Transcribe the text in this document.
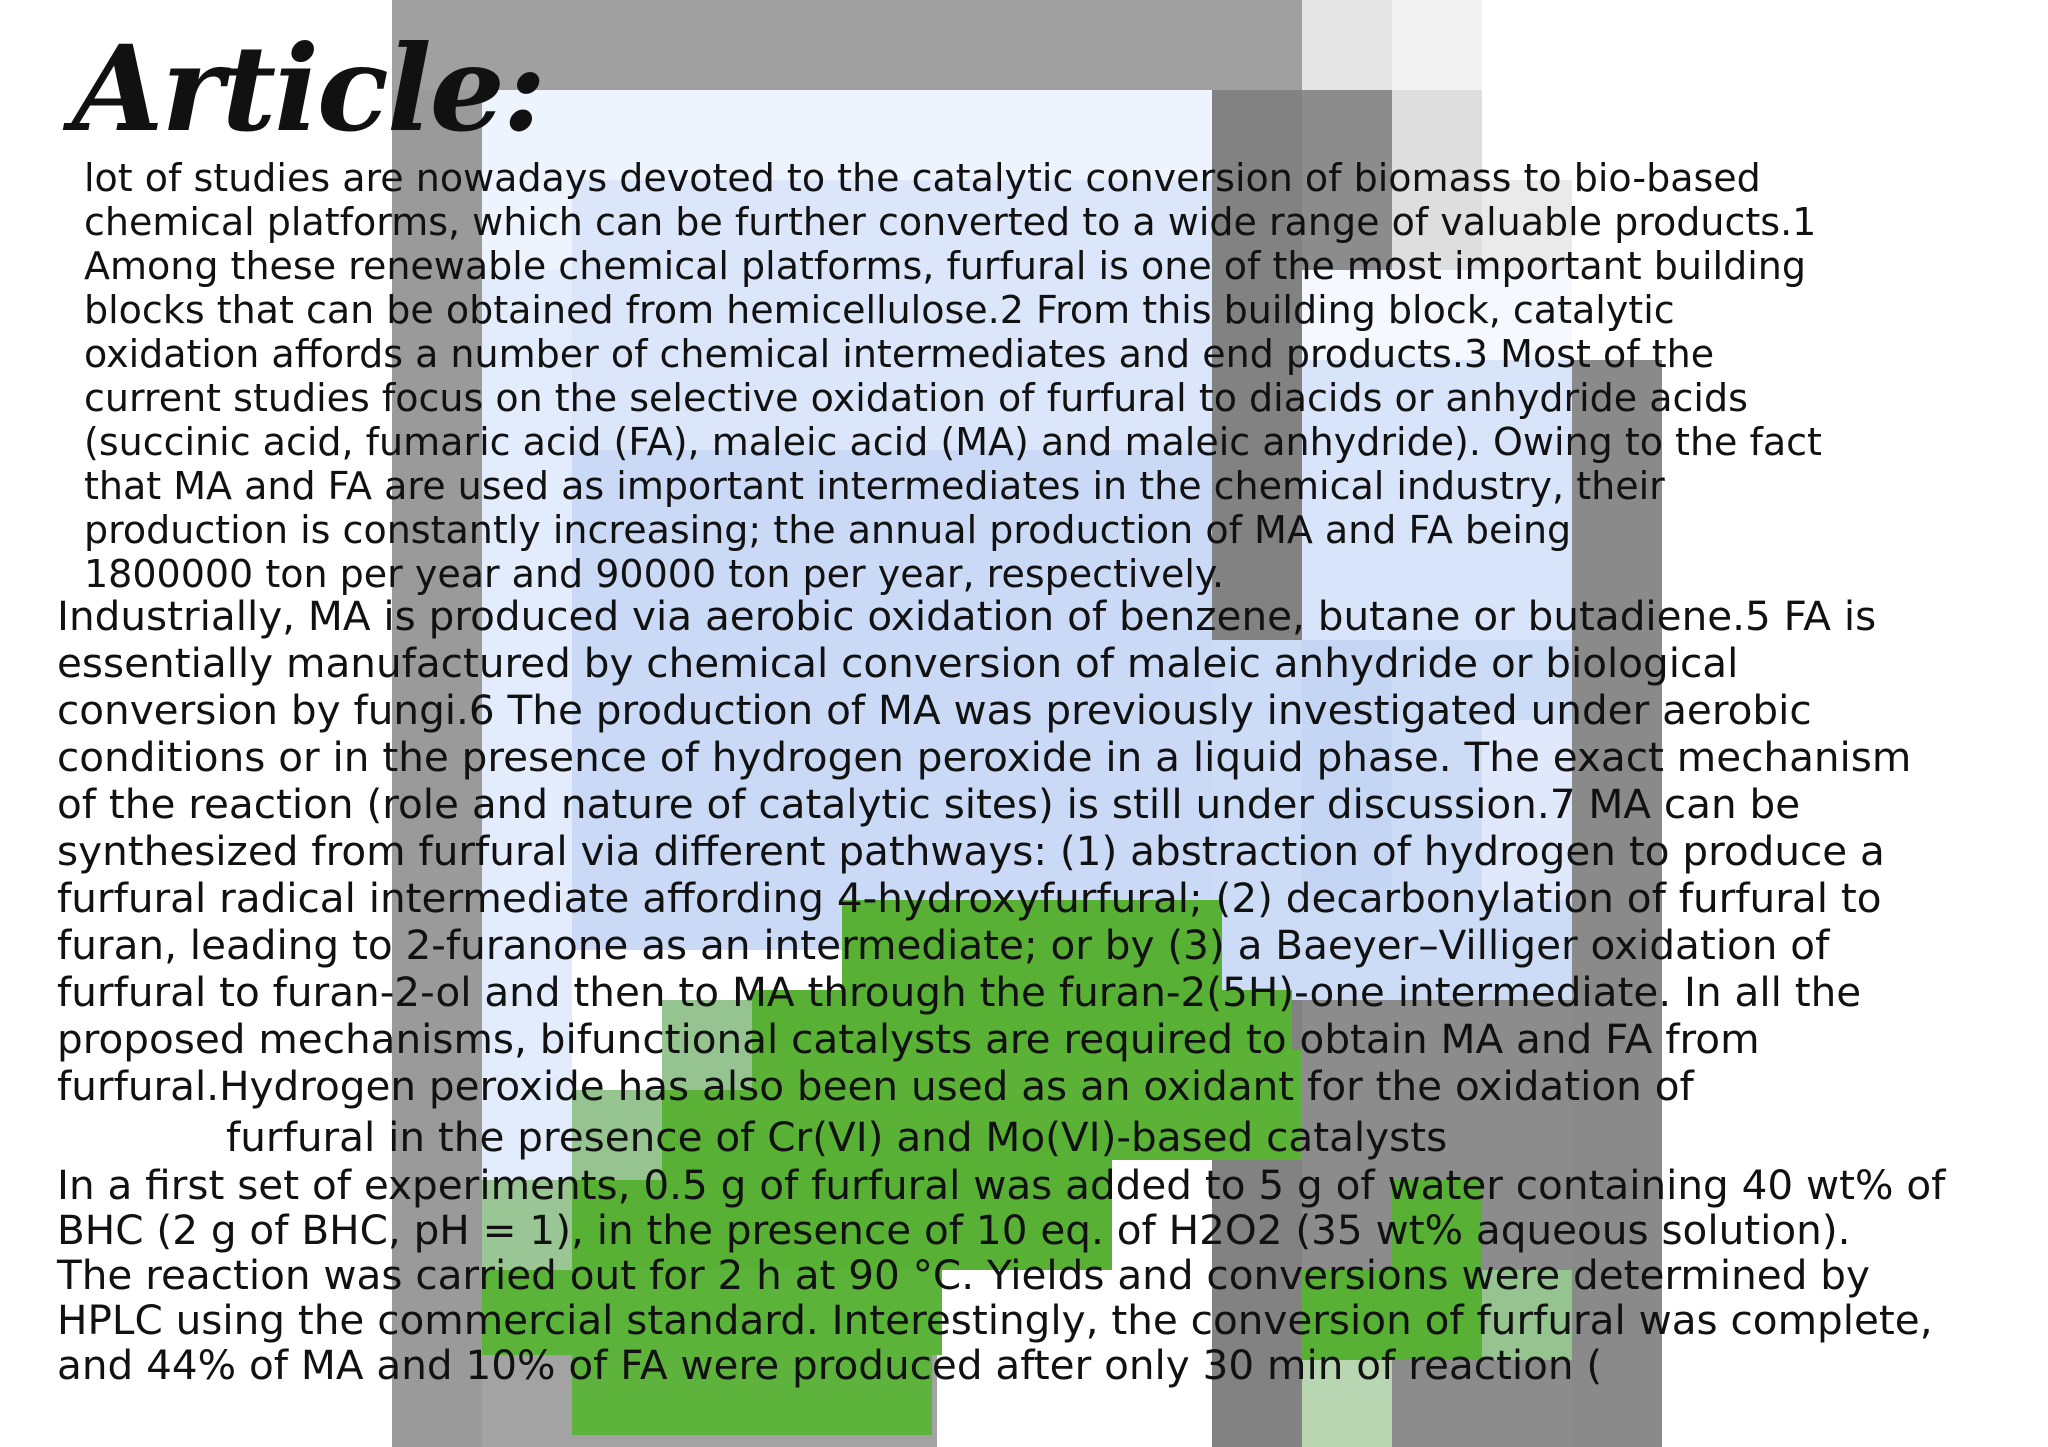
Article:

lot of studies are nowadays devoted to the catalytic conversion of biomass to bio-based
chemical platforms, which can be further converted to a wide range of valuable products.1
Among these renewable chemical platforms, furfural is one of the most important building
blocks that can be obtained from hemicellulose.2 From this building block, catalytic
oxidation affords a number of chemical intermediates and end products.3 Most of the
current studies focus on the selective oxidation of furfural to diacids or anhydride acids
(succinic acid, fumaric acid (FA), maleic acid (MA) and maleic anhydride). Owing to the fact
that MA and FA are used as important intermediates in the chemical industry, their
production is constantly increasing; the annual production of MA and FA being
1￼800￼000 ton per year and 90￼000 ton per year, respectively.

Industrially, MA is produced via aerobic oxidation of benzene, butane or butadiene.5 FA is
essentially manufactured by chemical conversion of maleic anhydride or biological
conversion by fungi.6 The production of MA was previously investigated under aerobic
conditions or in the presence of hydrogen peroxide in a liquid phase. The exact mechanism
of the reaction (role and nature of catalytic sites) is still under discussion.7 MA can be
synthesized from furfural via different pathways: (1) abstraction of hydrogen to produce a
furfural radical intermediate affording 4-hydroxyfurfural; (2) decarbonylation of furfural to
furan, leading to 2-furanone as an intermediate; or by (3) a Baeyer–Villiger oxidation of
furfural to furan-2-ol and then to MA through the furan-2(5H)-one intermediate. In all the
proposed mechanisms, bifunctional catalysts are required to obtain MA and FA from
furfural.Hydrogen peroxide has also been used as an oxidant for the oxidation of

furfural in the presence of Cr(VI) and Mo(VI)-based catalysts

In a first set of experiments, 0.5 g of furfural was added to 5 g of water containing 40 wt% of
BHC (2 g of BHC, pH = 1), in the presence of 10 eq. of H2O2 (35 wt% aqueous solution).
The reaction was carried out for 2 h at 90 °C. Yields and conversions were determined by
HPLC using the commercial standard. Interestingly, the conversion of furfural was complete,
and 44% of MA and 10% of FA were produced after only 30 min of reaction (
